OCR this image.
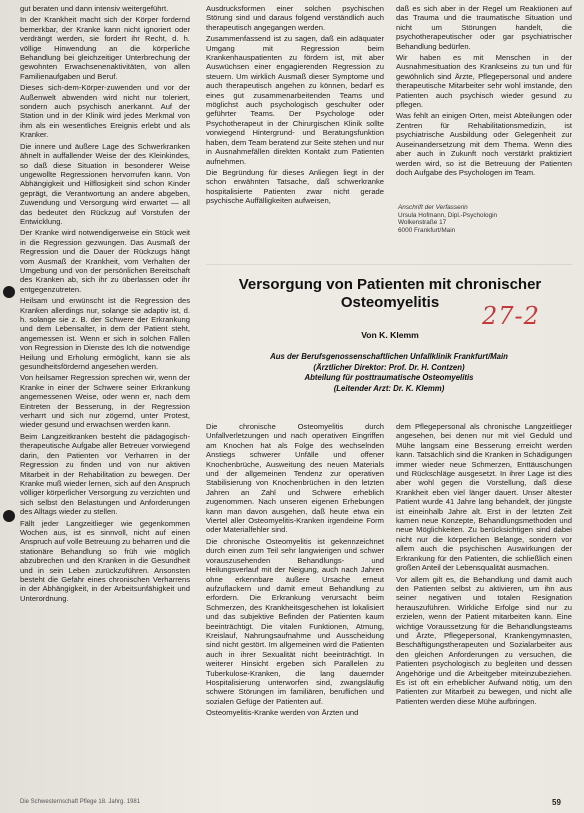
gut beraten und dann intensiv weitergeführt.

In der Krankheit macht sich der Körper fordernd bemerkbar, der Kranke kann nicht ignoriert oder verdrängt werden, sie fordert ihr Recht, d. h. völlige Hinwendung an die körperliche Behandlung bei gleichzeitiger Unterbrechung der gewohnten Erwachsenenaktivitäten, von allen Familienaufgaben und Beruf.

Dieses sich-dem-Körper-zuwenden und vor der Außenwelt abwenden wird nicht nur toleriert, sondern auch psychisch anerkannt. Auf der Station und in der Klinik wird jedes Merkmal von ihm als ein wesentliches Ereignis erlebt und als Kranker.

Die innere und äußere Lage des Schwerkranken ähnelt in auffallender Weise der des Kleinkindes, so daß diese Situation in besonderer Weise ungewollte Regressionen hervorrufen kann. Von Abhängigkeit und Hilflosigkeit sind schon Kinder geprägt, die Verantwortung an andere abgeben, Zuwendung und Versorgung wird erwartet — all das bedeutet den Rückzug auf Vorstufen der Entwicklung.

Der Kranke wird notwendigerweise ein Stück weit in die Regression gezwungen. Das Ausmaß der Regression und die Dauer der Rückzugs hängt vom Ausmaß der Krankheit, vom Verhalten der Umgebung und von der persönlichen Bereitschaft des Kranken ab, sich ihr zu überlassen oder ihr entgegenzutreten.

Heilsam und erwünscht ist die Regression des Kranken allerdings nur, solange sie adaptiv ist, d. h. solange sie z. B. der Schwere der Erkrankung und dem Lebensalter, in dem der Patient steht, angemessen ist. Wenn er sich in solchen Fällen von Regression in Dienste des Ich die notwendige Heilung und Erholung ermöglicht, kann sie als gesundheitsfördernd angesehen werden.

Von heilsamer Regression sprechen wir, wenn der Kranke in einer der Schwere seiner Erkrankung angemessenen Weise, oder wenn er, nach dem Eintreten der Besserung, in der Regression verharrt und sich nur zögernd, unter Protest, wieder gesund und erwachsen werden kann.

Beim Langzeitkranken besteht die pädagogisch-therapeutische Aufgabe aller Betreuer vorwiegend darin, den Patienten vor Verharren in der Regression zu finden und von nur aktiven Mitarbeit in der Rehabilitation zu bewegen. Der Kranke muß wieder lernen, sich auf den Anspruch völliger körperlicher Versorgung zu verzichten und sich selbst den Belastungen und Anforderungen des Alltags wieder zu stellen.

Fällt jeder Langzeitlieger wie gegenkommen Wochen aus, ist es sinnvoll, nicht auf einen Anspruch auf volle Betreuung zu beharren und die stationäre Behandlung so früh wie möglich abzubrechen und den Kranken in die Gesundheit und in sein Leben zurückzuführen. Ansonsten besteht die Gefahr eines chronischen Verharrens in der Abhängigkeit, in der Arbeitsunfähigkeit und Unterordnung.

Ausdrucksformen einer solchen psychischen Störung sind und daraus folgend verständlich auch therapeutisch angegangen werden.

Zusammenfassend ist zu sagen, daß ein adäquater Umgang mit Regression beim Krankenhauspatienten zu fördern ist, mit aber Auswüchsen einer engagierenden Regression zu steuern. Um wirklich Ausmaß dieser Symptome und auch therapeutisch angehen zu können, bedarf es eines gut zusammenarbeitenden Teams und möglichst auch psychologisch geschulter oder geführter Teams. Der Psychologe oder Psychotherapeut in der Chirurgischen Klinik sollte vorwiegend Hintergrund- und Beratungsfunktion haben, dem Team beratend zur Seite stehen und nur in Ausnahmefällen direkten Kontakt zum Patienten aufnehmen.

Die Begründung für dieses Anliegen liegt in der schon erwähnten Tatsache, daß schwerkranke hospitalisierte Patienten zwar nicht gerade psychische Auffälligkeiten aufweisen,

daß es sich aber in der Regel um Reaktionen auf das Trauma und die traumatische Situation und nicht um Störungen handelt, die psychotherapeutischer oder gar psychiatrischer Behandlung bedürfen.

Wir haben es mit Menschen in der Ausnahmesituation des Krankseins zu tun und für gewöhnlich sind Ärzte, Pflegepersonal und andere therapeutische Mitarbeiter sehr wohl imstande, den Patienten auch psychisch wieder gesund zu pflegen.

Was fehlt an einigen Orten, meist Abteilungen oder Zentren für Rehabilitationsmedizin, ist psychiatrische Ausbildung oder Gelegenheit zur Auseinandersetzung mit dem Thema. Wenn dies aber auch in Zukunft noch verstärkt praktiziert werden wird, so ist die Betreuung der Patienten doch Aufgabe des Psychologen im Team.

Anschrift der Verfasserin
Ursula Hofmann, Dipl.-Psychologin
Wolkenstraße 17
6000 Frankfurt/Main
27-2
Versorgung von Patienten mit chronischer
Osteomyelitis
Von K. Klemm
Aus der Berufsgenossenschaftlichen Unfallklinik Frankfurt/Main
(Ärztlicher Direktor: Prof. Dr. H. Contzen)
Abteilung für posttraumatische Osteomyelitis
(Leitender Arzt: Dr. K. Klemm)

Die chronische Osteomyelitis durch Unfallverletzungen und nach operativen Eingriffen am Knochen hat als Folge des wechselnden Anstiegs schwerer Unfälle und offener Knochenbrüche, Ausweitung des neuen Materials und der allgemeinen Tendenz zur operativen Stabilisierung von Knochenbrüchen in den letzten Jahren an Zahl und Schwere erheblich zugenommen. Nach unseren eigenen Erhebungen kann man davon ausgehen, daß heute etwa ein Viertel aller Osteomyelitis-Kranken irgendeine Form oder Materialfehler sind.

Die chronische Osteomyelitis ist gekennzeichnet durch einen zum Teil sehr langwierigen und schwer vorauszusehenden Behandlungs- und Heilungsverlauf mit der Neigung, auch nach Jahren ohne erkennbare äußere Ursache erneut aufzuflackern und damit erneut Behandlung zu erfordern. Die Erkrankung verursacht beim Schmerzen, des Krankheitsgeschehen ist lokalisiert und das subjektive Befinden der Patienten kaum beeinträchtigt. Die vitalen Funktionen, Atmung, Kreislauf, Nahrungsaufnahme und Ausscheidung sind nicht gestört. Im allgemeinen wird die Patienten auch in ihrer Sexualität nicht beeinträchtigt. In weiterer Hinsicht ergeben sich Parallelen zu Tuberkulose-Kranken, die lang dauernder Hospitalisierung unterworfen sind, zwangsläufig schwere Störungen im familiären, beruflichen und sozialen Gefüge der Patienten auf.

Osteomyelitis-Kranke werden von Ärzten und

dem Pflegepersonal als chronische Langzeitlieger angesehen, bei denen nur mit viel Geduld und Mühe langsam eine Besserung erreicht werden kann. Tatsächlich sind die Kranken in Schädigungen immer wieder neue Schmerzen, Enttäuschungen und Rückschläge ausgesetzt. In ihrer Lage ist dies aber wohl gegen die Vorstellung, daß diese Krankheit eben viel länger dauert. Unser ältester Patient wurde 41 Jahre lang behandelt, der jüngste ist eineinhalb Jahre alt. Erst in der letzten Zeit kamen neue Konzepte, Behandlungsmethoden und neue Möglichkeiten. Zu berücksichtigen sind dabei nicht nur die körperlichen Belange, sondern vor allem auch die psychischen Auswirkungen der Erkrankung für den Patienten, die schließlich einen großen Anteil der Lebensqualität ausmachen.

Vor allem gilt es, die Behandlung und damit auch den Patienten selbst zu aktivieren, um ihn aus seiner negativen und totalen Resignation herauszuführen. Wirkliche Erfolge sind nur zu erzielen, wenn der Patient mitarbeiten kann. Eine wichtige Voraussetzung für die Behandlungsteams und Ärzte, Pflegepersonal, Krankengymnasten, Beschäftigungstherapeuten und Sozialarbeiter aus den gleichen Anforderungen zu versuchen, die Patienten psychologisch zu begleiten und dessen Angehörige und die Arbeitgeber miteinzubeziehen. Es ist oft ein erheblicher Aufwand nötig, um den Patienten zur Mitarbeit zu bewegen, und nicht alle Patienten werden diese Mühe aufbringen.

Die Schwesternschaft Pflege 18. Jahrg. 1981	59
